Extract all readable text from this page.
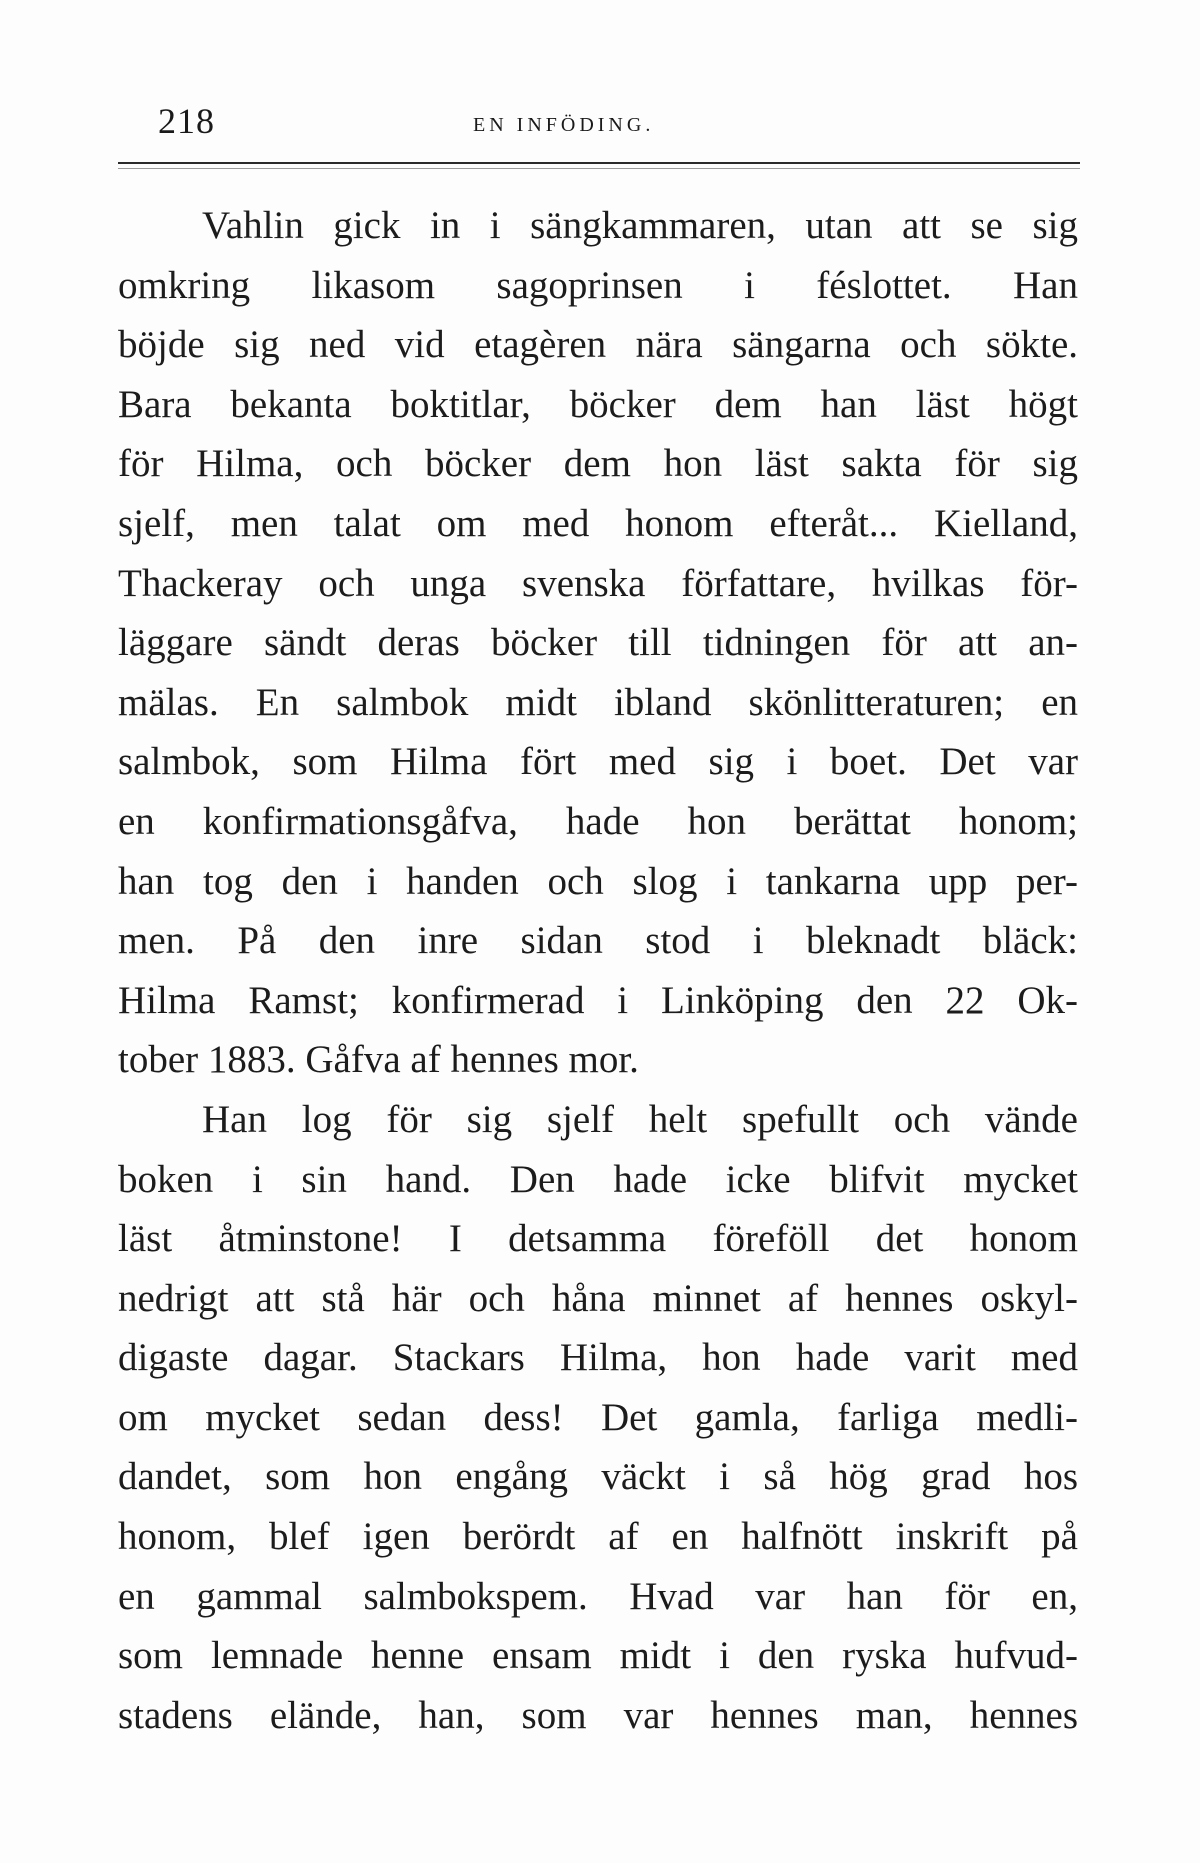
218	EN INFÖDING.
Vahlin gick in i sängkammaren, utan att se sig
omkring likasom sagoprinsen i féslottet. Han
böjde sig ned vid etagèren nära sängarna och sökte.
Bara bekanta boktitlar, böcker dem han läst högt
för Hilma, och böcker dem hon läst sakta för sig
sjelf, men talat om med honom efteråt... Kielland,
Thackeray och unga svenska författare, hvilkas för-
läggare sändt deras böcker till tidningen för att an-
mälas. En salmbok midt ibland skönlitteraturen; en
salmbok, som Hilma fört med sig i boet. Det var
en konfirmationsgåfva, hade hon berättat honom;
han tog den i handen och slog i tankarna upp per-
men. På den inre sidan stod i bleknadt bläck:
Hilma Ramst; konfirmerad i Linköping den 22 Ok-
tober 1883. Gåfva af hennes mor.
Han log för sig sjelf helt spefullt och vände
boken i sin hand. Den hade icke blifvit mycket
läst åtminstone! I detsamma föreföll det honom
nedrigt att stå här och håna minnet af hennes oskyl-
digaste dagar. Stackars Hilma, hon hade varit med
om mycket sedan dess! Det gamla, farliga medli-
dandet, som hon engång väckt i så hög grad hos
honom, blef igen berördt af en halfnött inskrift på
en gammal salmbokspem. Hvad var han för en,
som lemnade henne ensam midt i den ryska hufvud-
stadens elände, han, som var hennes man, hennes
